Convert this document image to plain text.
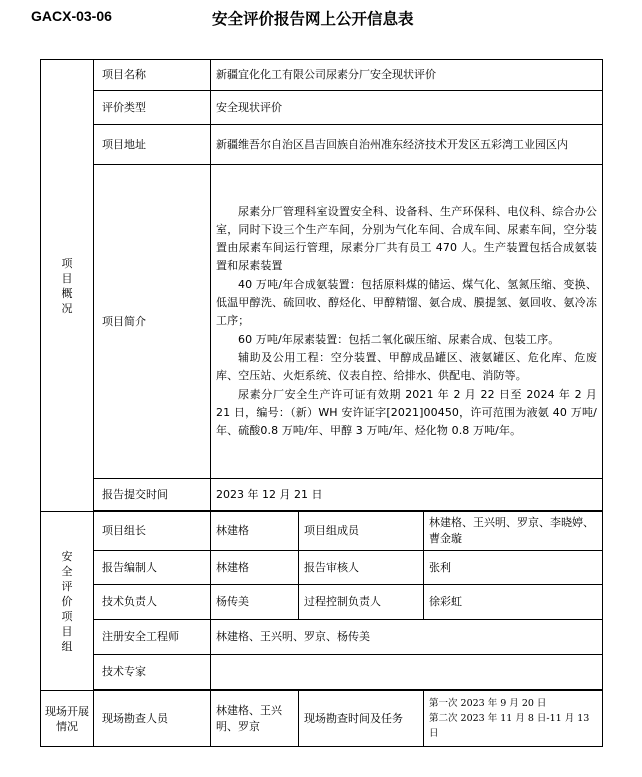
GACX-03-06	安全评价报告网上公开信息表
项目概况	项目名称	新疆宜化化工有限公司尿素分厂安全现状评价		
	评价类型	安全现状评价		
	项目地址	新疆维吾尔自治区昌吉回族自治州准东经济技术开发区五彩湾工业园区内		
	项目简介	尿素分厂管理科室设置安全科、设备科、生产环保科、电仪科、综合办公室，同时下设三个生产车间，分别为气化车间、合成车间、尿素车间，空分装置由尿素车间运行管理，尿素分厂共有员工 470 人。生产装置包括合成氨装置和尿素装置

40 万吨/年合成氨装置：包括原料煤的储运、煤气化、氢氮压缩、变换、低温甲醇洗、硫回收、醇烃化、甲醇精馏、氨合成、膜提氢、氨回收、氨冷冻工序；

60 万吨/年尿素装置：包括二氧化碳压缩、尿素合成、包装工序。

辅助及公用工程：空分装置、甲醇成品罐区、液氨罐区、危化库、危废库、空压站、火炬系统、仪表自控、给排水、供配电、消防等。

尿素分厂安全生产许可证有效期 2021 年 2 月 22 日至 2024 年 2 月 21 日，编号：（新）WH 安许证字[2021]00450，许可范围为液氨 40 万吨/年、硫酸0.8 万吨/年、甲醇 3 万吨/年、烃化物 0.8 万吨/年。		

	报告提交时间	2023 年 12 月 21 日		

安全评价项目组	项目组长	林建格	项目组成员	林建格、王兴明、罗京、李晓婷、曹金璇
	报告编制人	林建格	报告审核人	张利
	技术负责人	杨传美	过程控制负责人	徐彩虹
	注册安全工程师	林建格、王兴明、罗京、杨传美		
	技术专家			

现场开展情况	现场勘查人员	林建格、王兴明、罗京	现场勘查时间及任务	第一次 2023 年 9 月 20 日
第二次 2023 年 11 月 8 日-11 月 13 日
